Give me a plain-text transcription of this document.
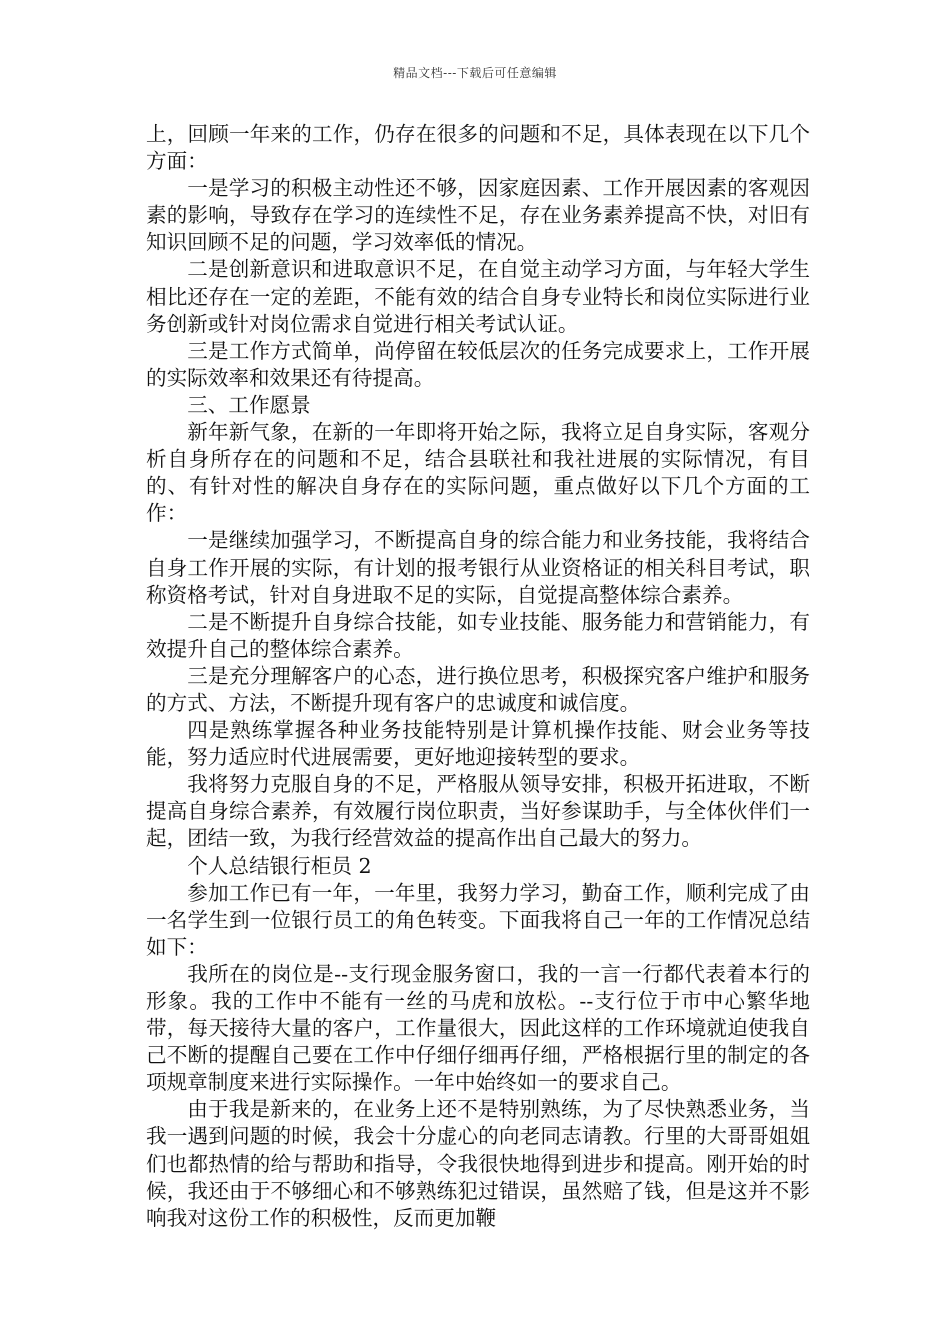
精品文档---下载后可任意编辑

上，回顾一年来的工作，仍存在很多的问题和不足，具体表现在以下几个方面：

一是学习的积极主动性还不够，因家庭因素、工作开展因素的客观因素的影响，导致存在学习的连续性不足，存在业务素养提高不快，对旧有知识回顾不足的问题，学习效率低的情况。

二是创新意识和进取意识不足，在自觉主动学习方面，与年轻大学生相比还存在一定的差距，不能有效的结合自身专业特长和岗位实际进行业务创新或针对岗位需求自觉进行相关考试认证。

三是工作方式简单，尚停留在较低层次的任务完成要求上，工作开展的实际效率和效果还有待提高。

三、工作愿景

新年新气象，在新的一年即将开始之际，我将立足自身实际，客观分析自身所存在的问题和不足，结合县联社和我社进展的实际情况，有目的、有针对性的解决自身存在的实际问题，重点做好以下几个方面的工作：

一是继续加强学习，不断提高自身的综合能力和业务技能，我将结合自身工作开展的实际，有计划的报考银行从业资格证的相关科目考试，职称资格考试，针对自身进取不足的实际，自觉提高整体综合素养。

二是不断提升自身综合技能，如专业技能、服务能力和营销能力，有效提升自己的整体综合素养。

三是充分理解客户的心态，进行换位思考，积极探究客户维护和服务的方式、方法，不断提升现有客户的忠诚度和诚信度。

四是熟练掌握各种业务技能特别是计算机操作技能、财会业务等技能，努力适应时代进展需要，更好地迎接转型的要求。

我将努力克服自身的不足，严格服从领导安排，积极开拓进取，不断提高自身综合素养，有效履行岗位职责，当好参谋助手，与全体伙伴们一起，团结一致，为我行经营效益的提高作出自己最大的努力。

个人总结银行柜员 2

参加工作已有一年，一年里，我努力学习，勤奋工作，顺利完成了由一名学生到一位银行员工的角色转变。下面我将自己一年的工作情况总结如下：

我所在的岗位是--支行现金服务窗口，我的一言一行都代表着本行的形象。我的工作中不能有一丝的马虎和放松。--支行位于市中心繁华地带，每天接待大量的客户，工作量很大，因此这样的工作环境就迫使我自己不断的提醒自己要在工作中仔细仔细再仔细，严格根据行里的制定的各项规章制度来进行实际操作。一年中始终如一的要求自己。

由于我是新来的，在业务上还不是特别熟练，为了尽快熟悉业务，当我一遇到问题的时候，我会十分虚心的向老同志请教。行里的大哥哥姐姐们也都热情的给与帮助和指导，令我很快地得到进步和提高。刚开始的时候，我还由于不够细心和不够熟练犯过错误，虽然赔了钱，但是这并不影响我对这份工作的积极性，反而更加鞭
